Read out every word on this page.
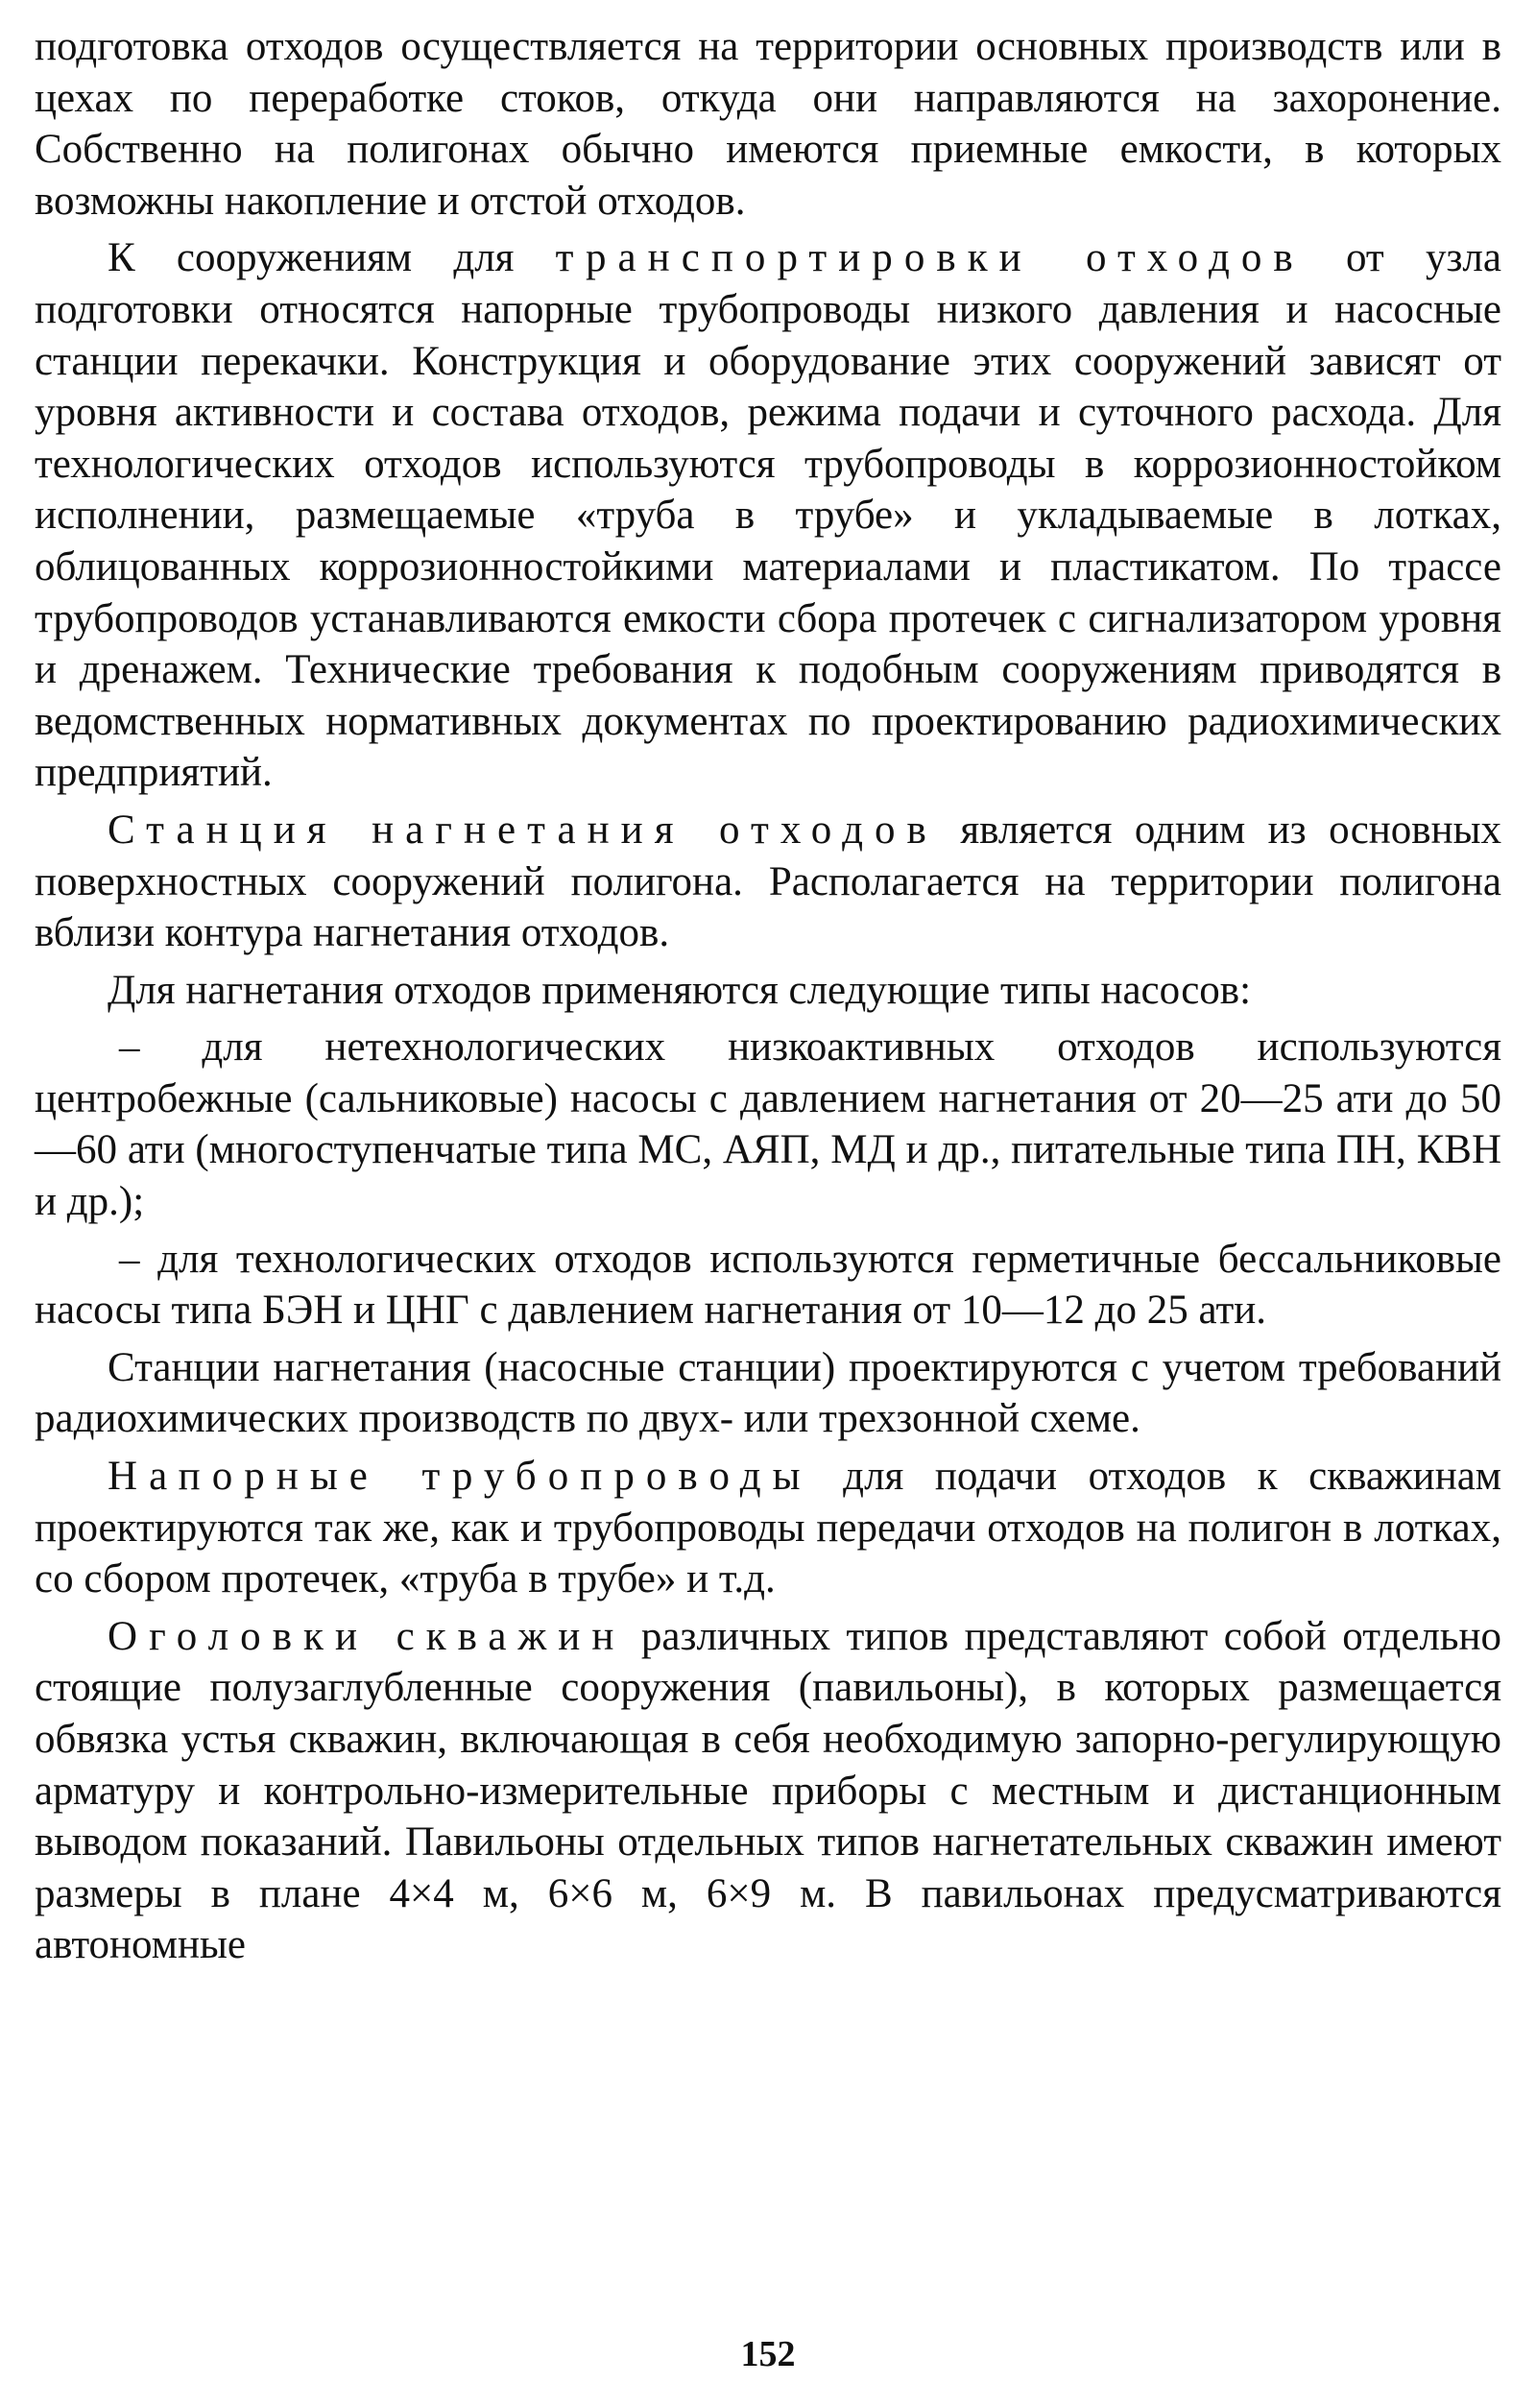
подготовка отходов осуществляется на территории основных производств или в цехах по переработке стоков, откуда они направляются на захоронение. Собственно на полигонах обычно имеются приемные емкости, в которых возможны накопление и отстой отходов.

К сооружениям для транспортировки отходов от узла подготовки относятся напорные трубопроводы низкого давления и насосные станции перекачки. Конструкция и оборудование этих сооружений зависят от уровня активности и состава отходов, режима подачи и суточного расхода. Для технологических отходов используются трубопроводы в коррозионностойком исполнении, размещаемые «труба в трубе» и укладываемые в лотках, облицованных коррозионностойкими материалами и пластикатом. По трассе трубопроводов устанавливаются емкости сбора протечек с сигнализатором уровня и дренажем. Технические требования к подобным сооружениям приводятся в ведомственных нормативных документах по проектированию радиохимических предприятий.

Станция нагнетания отходов является одним из основных поверхностных сооружений полигона. Располагается на территории полигона вблизи контура нагнетания отходов.

Для нагнетания отходов применяются следующие типы насосов:

– для нетехнологических низкоактивных отходов используются центробежные (сальниковые) насосы с давлением нагнетания от 20—25 ати до 50—60 ати (многоступенчатые типа МС, АЯП, МД и др., питательные типа ПН, КВН и др.);

– для технологических отходов используются герметичные бессальниковые насосы типа БЭН и ЦНГ с давлением нагнетания от 10—12 до 25 ати.

Станции нагнетания (насосные станции) проектируются с учетом требований радиохимических производств по двух- или трехзонной схеме.

Напорные трубопроводы для подачи отходов к скважинам проектируются так же, как и трубопроводы передачи отходов на полигон в лотках, со сбором протечек, «труба в трубе» и т.д.

Оголовки скважин различных типов представляют собой отдельно стоящие полузаглубленные сооружения (павильоны), в которых размещается обвязка устья скважин, включающая в себя необходимую запорно-регулирующую арматуру и контрольно-измерительные приборы с местным и дистанционным выводом показаний. Павильоны отдельных типов нагнетательных скважин имеют размеры в плане 4×4 м, 6×6 м, 6×9 м. В павильонах предусматриваются автономные

152
